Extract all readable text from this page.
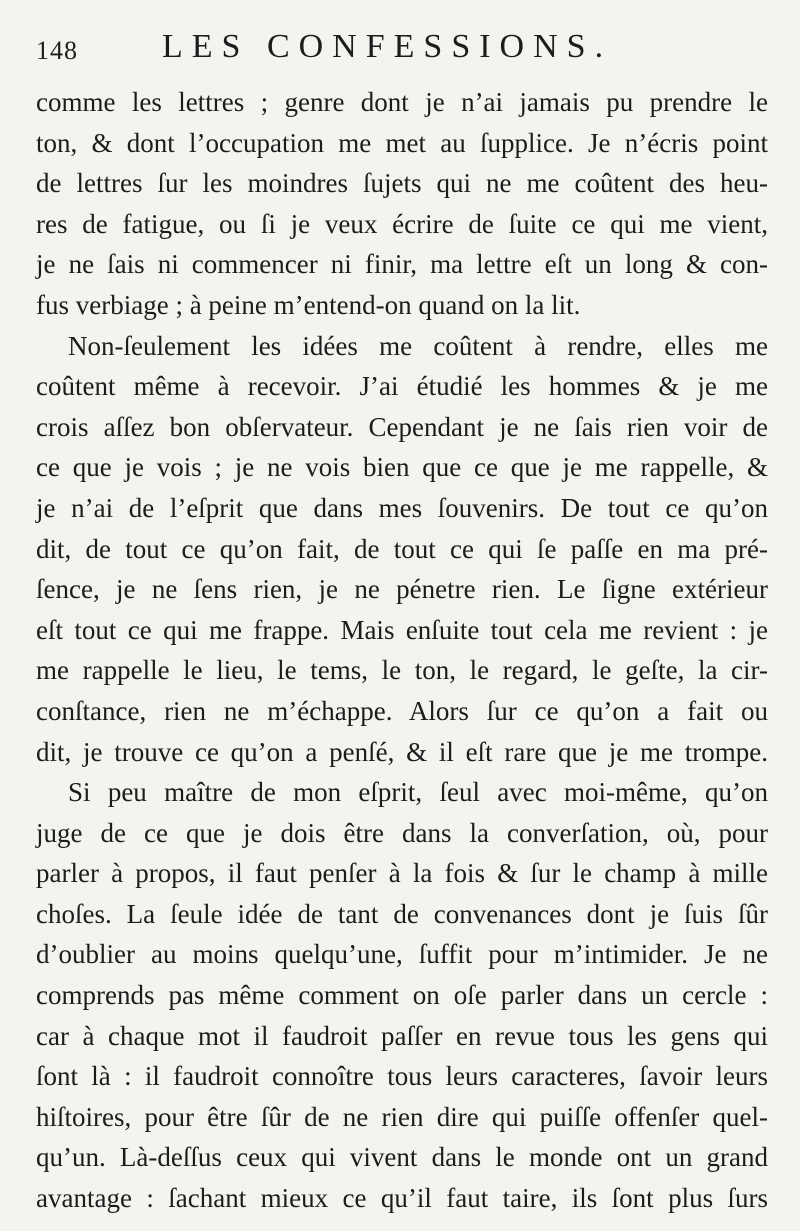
148 LES CONFESSIONS.
comme les lettres ; genre dont je n’ai jamais pu prendre le
ton, & dont l’occupation me met au ſupplice. Je n’écris point
de lettres ſur les moindres ſujets qui ne me coûtent des heu-
res de fatigue, ou ſi je veux écrire de ſuite ce qui me vient,
je ne ſais ni commencer ni finir, ma lettre eſt un long & con-
fus verbiage ; à peine m’entend-on quand on la lit.
Non-ſeulement les idées me coûtent à rendre, elles me
coûtent même à recevoir. J’ai étudié les hommes & je me
crois aſſez bon obſervateur. Cependant je ne ſais rien voir de
ce que je vois ; je ne vois bien que ce que je me rappelle, &
je n’ai de l’eſprit que dans mes ſouvenirs. De tout ce qu’on
dit, de tout ce qu’on fait, de tout ce qui ſe paſſe en ma pré-
ſence, je ne ſens rien, je ne pénetre rien. Le ſigne extérieur
eſt tout ce qui me frappe. Mais enſuite tout cela me revient : je
me rappelle le lieu, le tems, le ton, le regard, le geſte, la cir-
conſtance, rien ne m’échappe. Alors ſur ce qu’on a fait ou
dit, je trouve ce qu’on a penſé, & il eſt rare que je me trompe.
Si peu maître de mon eſprit, ſeul avec moi-même, qu’on
juge de ce que je dois être dans la converſation, où, pour
parler à propos, il faut penſer à la fois & ſur le champ à mille
choſes. La ſeule idée de tant de convenances dont je ſuis ſûr
d’oublier au moins quelqu’une, ſuffit pour m’intimider. Je ne
comprends pas même comment on oſe parler dans un cercle :
car à chaque mot il faudroit paſſer en revue tous les gens qui
ſont là : il faudroit connoître tous leurs caracteres, ſavoir leurs
hiſtoires, pour être ſûr de ne rien dire qui puiſſe offenſer quel-
qu’un. Là-deſſus ceux qui vivent dans le monde ont un grand
avantage : ſachant mieux ce qu’il faut taire, ils ſont plus ſurs
